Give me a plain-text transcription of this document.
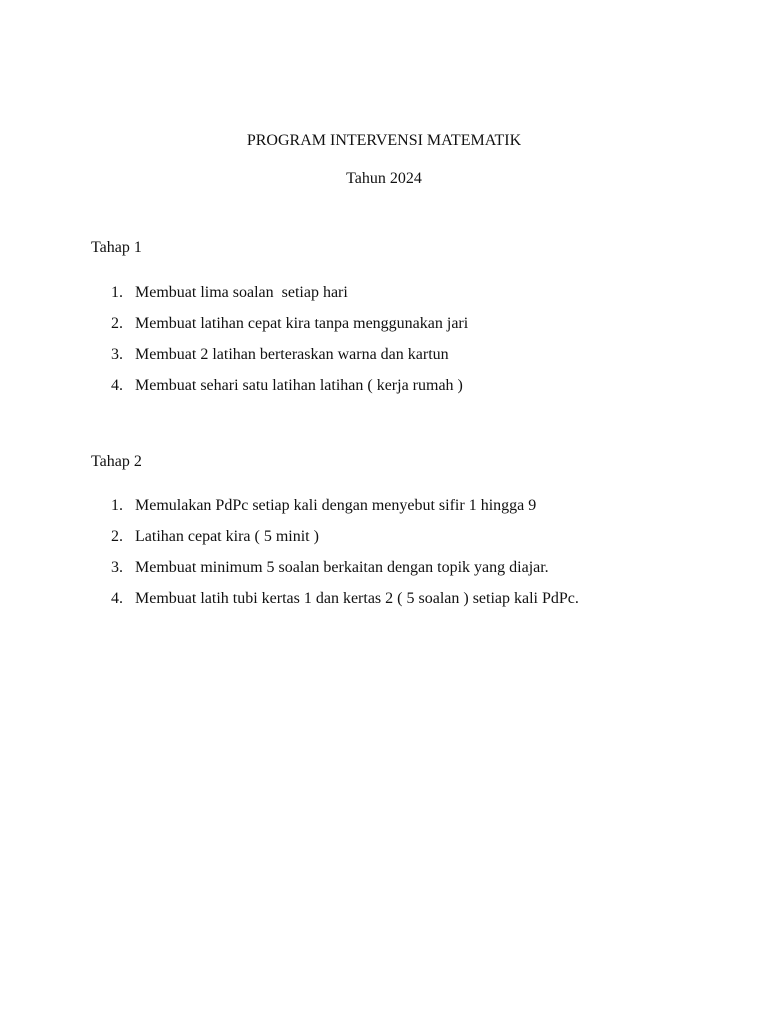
PROGRAM INTERVENSI MATEMATIK
Tahun 2024
Tahap 1
1. Membuat lima soalan  setiap hari
2. Membuat latihan cepat kira tanpa menggunakan jari
3. Membuat 2 latihan berteraskan warna dan kartun
4. Membuat sehari satu latihan latihan ( kerja rumah )
Tahap 2
1. Memulakan PdPc setiap kali dengan menyebut sifir 1 hingga 9
2. Latihan cepat kira ( 5 minit )
3. Membuat minimum 5 soalan berkaitan dengan topik yang diajar.
4. Membuat latih tubi kertas 1 dan kertas 2 ( 5 soalan ) setiap kali PdPc.
